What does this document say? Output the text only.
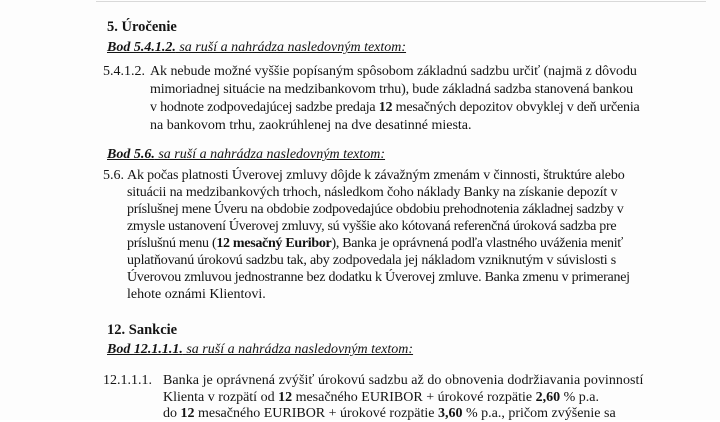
5. Úročenie
Bod 5.4.1.2. sa ruší a nahrádza nasledovným textom:
5.4.1.2. Ak nebude možné vyššie popísaným spôsobom základnú sadzbu určiť (najmä z dôvodu
mimoriadnej situácie na medzibankovom trhu), bude základná sadzba stanovená bankou
v hodnote zodpovedajúcej sadzbe predaja 12 mesačných depozitov obvyklej v deň určenia
na bankovom trhu, zaokrúhlenej na dve desatinné miesta.
Bod 5.6. sa ruší a nahrádza nasledovným textom:
5.6. Ak počas platnosti Úverovej zmluvy dôjde k závažným zmenám v činnosti, štruktúre alebo
situácii na medzibankových trhoch, následkom čoho náklady Banky na získanie depozít v
príslušnej mene Úveru na obdobie zodpovedajúce obdobiu prehodnotenia základnej sadzby v
zmysle ustanovení Úverovej zmluvy, sú vyššie ako kótovaná referenčná úroková sadzba pre
príslušnú menu (12 mesačný Euribor), Banka je oprávnená podľa vlastného uváženia meniť
uplatňovanú úrokovú sadzbu tak, aby zodpovedala jej nákladom vzniknutým v súvislosti s
Úverovou zmluvou jednostranne bez dodatku k Úverovej zmluve. Banka zmenu v primeranej
lehote oznámi Klientovi.
12. Sankcie
Bod 12.1.1.1. sa ruší a nahrádza nasledovným textom:
12.1.1.1. Banka je oprávnená zvýšiť úrokovú sadzbu až do obnovenia dodržiavania povinností
Klienta v rozpätí od 12 mesačného EURIBOR + úrokové rozpätie 2,60 % p.a.
do 12 mesačného EURIBOR + úrokové rozpätie 3,60 % p.a., pričom zvýšenie sa
